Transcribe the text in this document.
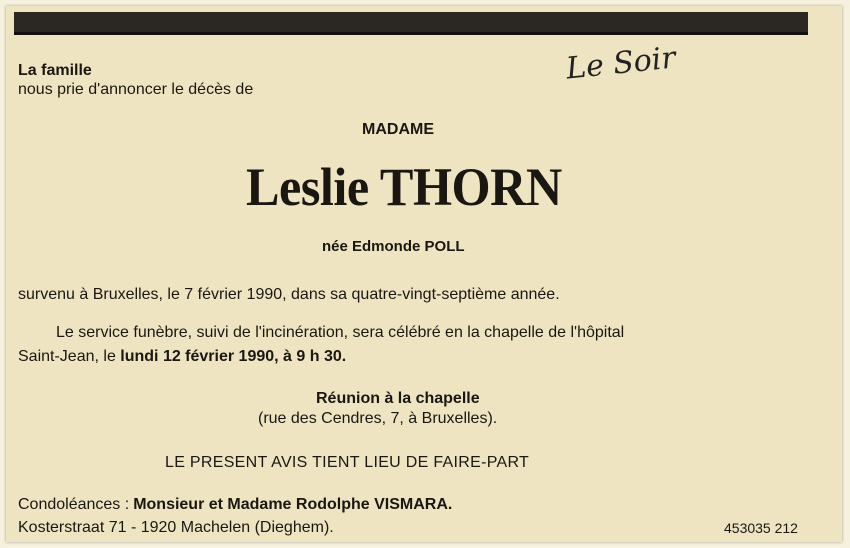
La famille
nous prie d'annoncer le décès de
Le Soir
MADAME
Leslie THORN
née Edmonde POLL
survenu à Bruxelles, le 7 février 1990, dans sa quatre-vingt-septième année.
Le service funèbre, suivi de l'incinération, sera célébré en la chapelle de l'hôpital
Saint-Jean, le lundi 12 février 1990, à 9 h 30.
Réunion à la chapelle
(rue des Cendres, 7, à Bruxelles).
LE PRESENT AVIS TIENT LIEU DE FAIRE-PART
Condoléances : Monsieur et Madame Rodolphe VISMARA.
Kosterstraat 71 - 1920 Machelen (Dieghem).	453035 212
